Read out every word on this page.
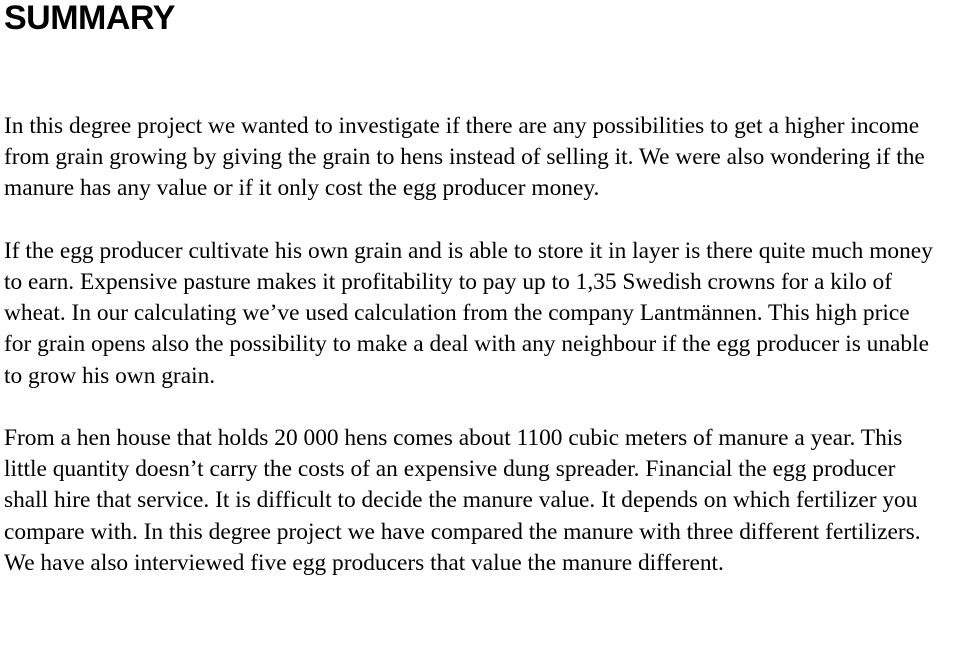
SUMMARY

In this degree project we wanted to investigate if there are any possibilities to get a higher income from grain growing by giving the grain to hens instead of selling it. We were also wondering if the manure has any value or if it only cost the egg producer money.

If the egg producer cultivate his own grain and is able to store it in layer is there quite much money to earn. Expensive pasture makes it profitability to pay up to 1,35 Swedish crowns for a kilo of wheat. In our calculating we’ve used calculation from the company Lantmännen. This high price for grain opens also the possibility to make a deal with any neighbour if the egg producer is unable to grow his own grain.

From a hen house that holds 20 000 hens comes about 1100 cubic meters of manure a year. This little quantity doesn’t carry the costs of an expensive dung spreader. Financial the egg producer shall hire that service. It is difficult to decide the manure value. It depends on which fertilizer you compare with. In this degree project we have compared the manure with three different fertilizers. We have also interviewed five egg producers that value the manure different.
